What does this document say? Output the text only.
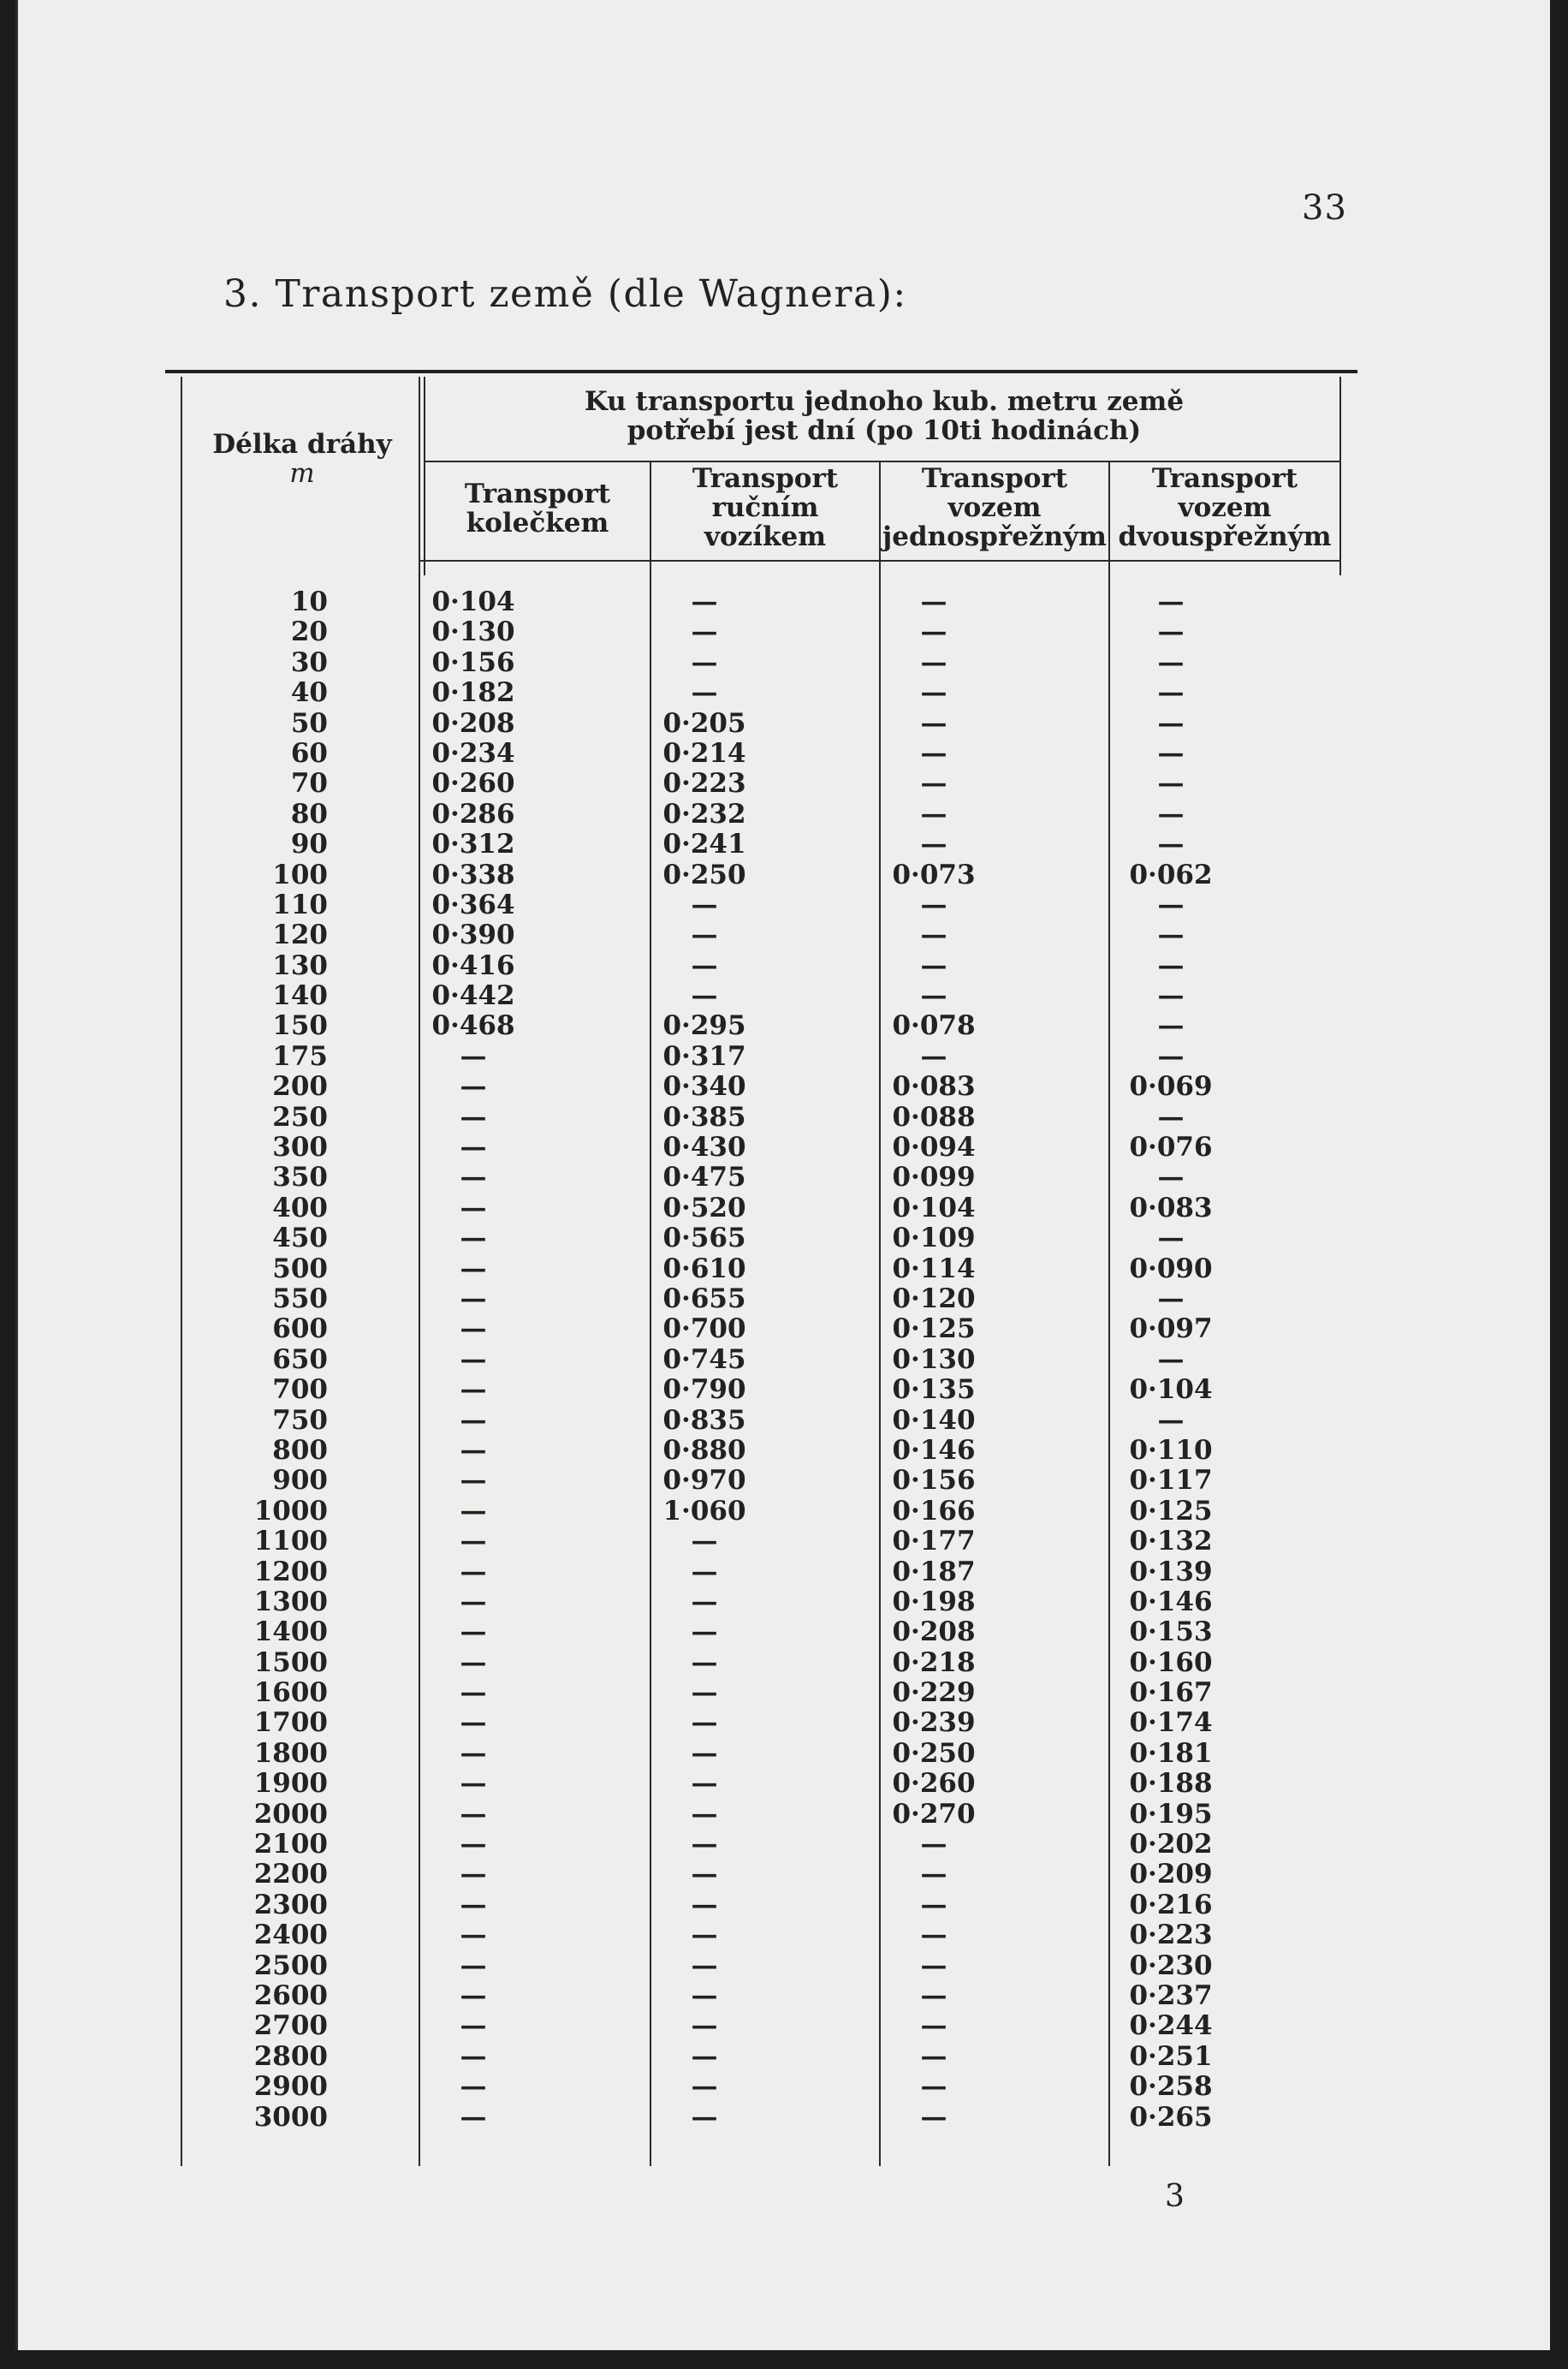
33
3. Transport země (dle Wagnera):
Délka dráhy
m
Ku transportu jednoho kub. metru země
potřebí jest dní (po 10ti hodinách)
Transport
kolečkem
Transport
ručním
vozíkem
Transport
vozem
jednospřežným
Transport
vozem
dvouspřežným
10
20
30
40
50
60
70
80
90
100
110
120
130
140
150
175
200
250
300
350
400
450
500
550
600
650
700
750
800
900
1000
1100
1200
1300
1400
1500
1600
1700
1800
1900
2000
2100
2200
2300
2400
2500
2600
2700
2800
2900
3000
0·104
0·130
0·156
0·182
0·208
0·234
0·260
0·286
0·312
0·338
0·364
0·390
0·416
0·442
0·468
—
—
—
—
—
—
—
—
—
—
—
—
—
—
—
—
—
—
—
—
—
—
—
—
—
—
—
—
—
—
—
—
—
—
—
—
—
—
—
—
0·205
0·214
0·223
0·232
0·241
0·250
—
—
—
—
0·295
0·317
0·340
0·385
0·430
0·475
0·520
0·565
0·610
0·655
0·700
0·745
0·790
0·835
0·880
0·970
1·060
—
—
—
—
—
—
—
—
—
—
—
—
—
—
—
—
—
—
—
—
—
—
—
—
—
—
—
—
—
0·073
—
—
—
—
0·078
—
0·083
0·088
0·094
0·099
0·104
0·109
0·114
0·120
0·125
0·130
0·135
0·140
0·146
0·156
0·166
0·177
0·187
0·198
0·208
0·218
0·229
0·239
0·250
0·260
0·270
—
—
—
—
—
—
—
—
—
—
—
—
—
—
—
—
—
—
—
0·062
—
—
—
—
—
—
0·069
—
0·076
—
0·083
—
0·090
—
0·097
—
0·104
—
0·110
0·117
0·125
0·132
0·139
0·146
0·153
0·160
0·167
0·174
0·181
0·188
0·195
0·202
0·209
0·216
0·223
0·230
0·237
0·244
0·251
0·258
0·265
3
